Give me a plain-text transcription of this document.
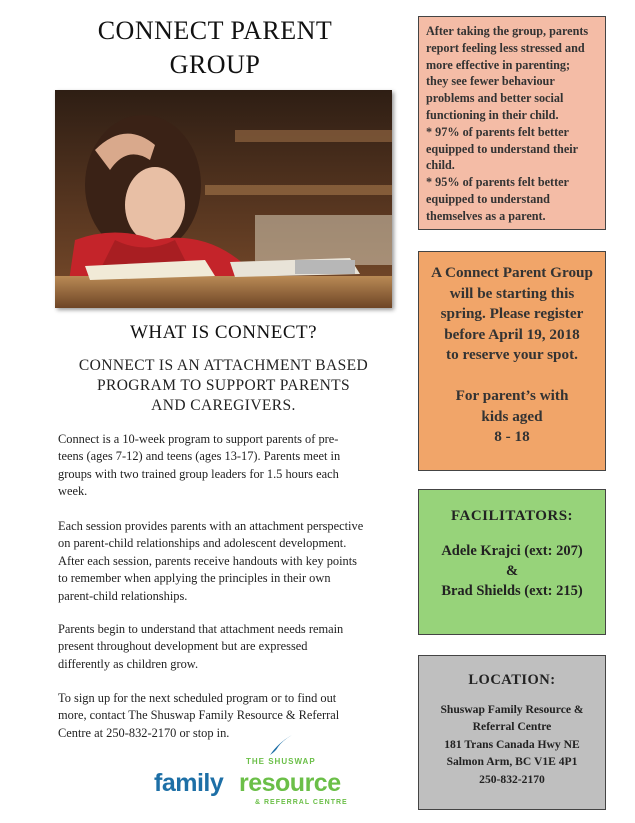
CONNECT PARENT
GROUP
WHAT IS CONNECT?
CONNECT IS AN ATTACHMENT BASED
PROGRAM TO SUPPORT PARENTS
AND CAREGIVERS.
Connect is a 10-week program to support parents of pre-
teens (ages 7-12) and teens (ages 13-17). Parents meet in
groups with two trained group leaders for 1.5 hours each
week.
Each session provides parents with an attachment perspective
on parent-child relationships and adolescent development.
After each session, parents receive handouts with key points
to remember when applying the principles in their own
parent-child relationships.
Parents begin to understand that attachment needs remain
present throughout development but are expressed
differently as children grow.
To sign up for the next scheduled program or to find out
more, contact The Shuswap Family Resource & Referral
Centre at 250-832-2170 or stop in.
THE SHUSWAP
family resource
& REFERRAL CENTRE
After taking the group, parents
report feeling less stressed and
more effective in parenting;
they see fewer behaviour
problems and better social
functioning in their child.
* 97% of parents felt better
equipped to understand their
child.
* 95% of parents felt better
equipped to understand
themselves as a parent.
A Connect Parent Group
will be starting this
spring. Please register
before April 19, 2018
to reserve your spot.
For parent’s with
kids aged
8 - 18
FACILITATORS:
Adele Krajci (ext: 207)
&
Brad Shields (ext: 215)
LOCATION:
Shuswap Family Resource &
Referral Centre
181 Trans Canada Hwy NE
Salmon Arm, BC V1E 4P1
250-832-2170
